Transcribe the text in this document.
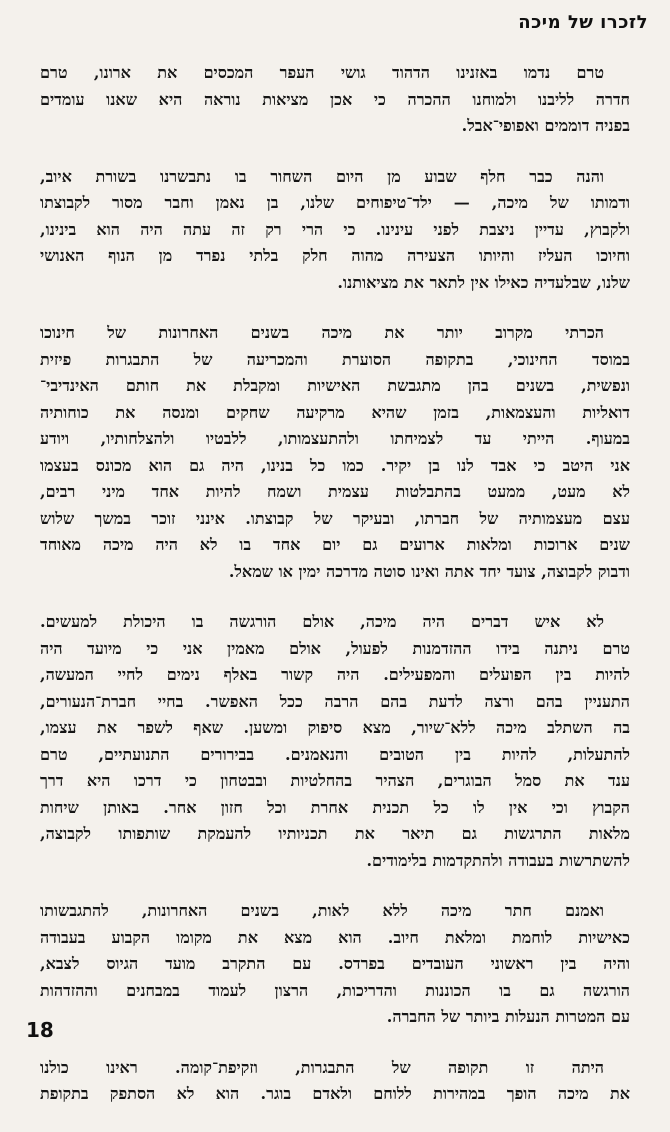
לזכרו של מיכה
טרם נדמו באזנינו הדהוד גושי העפר המכסים את ארונו, טרם
חדרה לליבנו ולמוחנו ההכרה כי אכן מציאות נוראה היא שאנו עומדים
בפניה דוממים ואפופי־אבל.
והנה כבר חלף שבוע מן היום השחור בו נתבשרנו בשורת איוב,
ודמותו של מיכה, — ילד־טיפוחים שלנו, בן נאמן וחבר מסור לקבוצתו
ולקבוץ, עדיין ניצבת לפני עינינו. כי הרי רק זה עתה היה הוא בינינו,
וחיוכו העליז והיותו הצעירה מהוה חלק בלתי נפרד מן הנוף האנושי
שלנו, שבלעדיה כאילו אין לתאר את מציאותנו.
הכרתי מקרוב יותר את מיכה בשנים האחרונות של חינוכו
במוסד החינוכי, בתקופה הסוערת והמכריעה של התבגרות פיזית
ונפשית, בשנים בהן מתגבשת האישיות ומקבלת את חותם האינדיבי־
דואליות והעצמאות, בזמן שהיא מרקיעה שחקים ומנסה את כוחותיה
במעוף. הייתי עד לצמיחתו ולהתעצמותו, ללבטיו ולהצלחותיו, ויודע
אני היטב כי אבד לנו בן יקיר. כמו כל בנינו, היה גם הוא מכונס בעצמו
לא מעט, ממעט בהתבלטות עצמית ושמח להיות אחד מיני רבים,
עצם מעצמותיה של חברתו, ובעיקר של קבוצתו. אינני זוכר במשך שלוש
שנים ארוכות ומלאות ארועים גם יום אחד בו לא היה מיכה מאוחד
ודבוק לקבוצה, צועד יחד אתה ואינו סוטה מדרכה ימין או שמאל.
לא איש דברים היה מיכה, אולם הורגשה בו היכולת למעשים.
טרם ניתנה בידו ההזדמנות לפעול, אולם מאמין אני כי מיועד היה
להיות בין הפועלים והמפעילים. היה קשור באלף נימים לחיי המעשה,
התעניין בהם ורצה לדעת בהם הרבה ככל האפשר. בחיי חברת־הנעורים,
בה השתלב מיכה ללא־שיור, מצא סיפוק ומשען. שאף לשפר את עצמו,
להתעלות, להיות בין הטובים והנאמנים. בבירורים התנועתיים, טרם
ענד את סמל הבוגרים, הצהיר בהחלטיות ובבטחון כי דרכו היא דרך
הקבוץ וכי אין לו כל תכנית אחרת וכל חזון אחר. באותן שיחות
מלאות התרגשות גם תיאר את תכניותיו להעמקת שותפותו לקבוצה,
להשתרשות בעבודה ולהתקדמות בלימודים.
ואמנם חתר מיכה ללא לאות, בשנים האחרונות, להתגבשותו
כאישיות לוחמת ומלאת חיוב. הוא מצא את מקומו הקבוע בעבודה
והיה בין ראשוני העובדים בפרדס. עם התקרב מועד הגיוס לצבא,
הורגשה גם בו הכוננות והדריכות, הרצון לעמוד במבחנים וההזדהות
עם המטרות הנעלות ביותר של החברה.
היתה זו תקופה של התבגרות, וזקיפת־קומה. ראינו כולנו
את מיכה הופך במהירות ללוחם ולאדם בוגר. הוא לא הסתפק בתקופת
18
